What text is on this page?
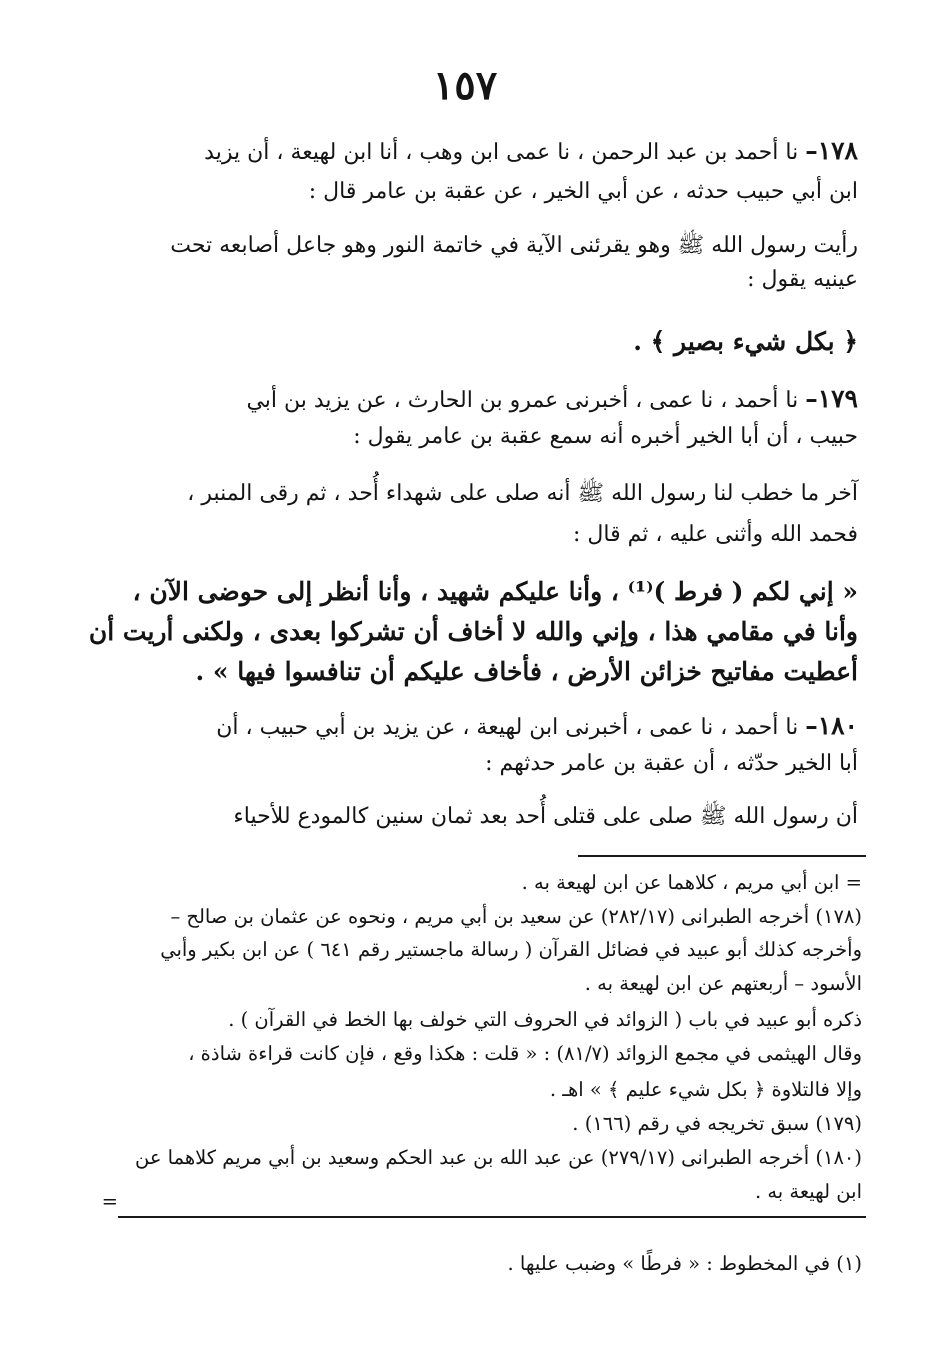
١٥٧
١٧٨– نا أحمد بن عبد الرحمن ، نا عمى ابن وهب ، أنا ابن لهيعة ، أن يزيد
ابن أبي حبيب حدثه ، عن أبي الخير ، عن عقبة بن عامر قال :
رأيت رسول الله ﷺ وهو يقرئنى الآية في خاتمة النور وهو جاعل أصابعه تحت
عينيه يقول :
﴿ بكل شيء بصير ﴾ .
١٧٩– نا أحمد ، نا عمى ، أخبرنى عمرو بن الحارث ، عن يزيد بن أبي
حبيب ، أن أبا الخير أخبره أنه سمع عقبة بن عامر يقول :
آخر ما خطب لنا رسول الله ﷺ أنه صلى على شهداء أُحد ، ثم رقى المنبر ،
فحمد الله وأثنى عليه ، ثم قال :
« إني لكم ( فرط )⁽¹⁾ ، وأنا عليكم شهيد ، وأنا أنظر إلى حوضى الآن ،
وأنا في مقامي هذا ، وإني والله لا أخاف أن تشركوا بعدى ، ولكنى أريت أن
أعطيت مفاتيح خزائن الأرض ، فأخاف عليكم أن تنافسوا فيها » .
١٨٠– نا أحمد ، نا عمى ، أخبرنى ابن لهيعة ، عن يزيد بن أبي حبيب ، أن
أبا الخير حدّثه ، أن عقبة بن عامر حدثهم :
أن رسول الله ﷺ صلى على قتلى أُحد بعد ثمان سنين كالمودع للأحياء
= ابن أبي مريم ، كلاهما عن ابن لهيعة به .
(١٧٨) أخرجه الطبرانى (٢٨٢/١٧) عن سعيد بن أبي مريم ، ونحوه عن عثمان بن صالح –
وأخرجه كذلك أبو عبيد في فضائل القرآن ( رسالة ماجستير رقم ٦٤١ ) عن ابن بكير وأبي
الأسود – أربعتهم عن ابن لهيعة به .
ذكره أبو عبيد في باب ( الزوائد في الحروف التي خولف بها الخط في القرآن ) .
وقال الهيثمى في مجمع الزوائد (٨١/٧) : « قلت : هكذا وقع ، فإن كانت قراءة شاذة ،
وإلا فالتلاوة ﴿ بكل شيء عليم ﴾ » اهـ .
(١٧٩) سبق تخريجه في رقم (١٦٦) .
(١٨٠) أخرجه الطبرانى (٢٧٩/١٧) عن عبد الله بن عبد الحكم وسعيد بن أبي مريم كلاهما عن
ابن لهيعة به .
=
(١) في المخطوط : « فرطًا » وضبب عليها .
